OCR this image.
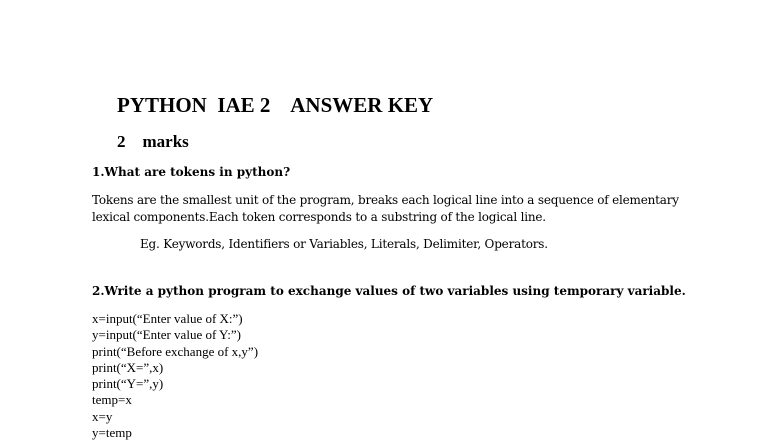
PYTHON  IAE 2    ANSWER KEY
2    marks
1.What are tokens in python?
Tokens are the smallest unit of the program, breaks each logical line into a sequence of elementary lexical components.Each token corresponds to a substring of the logical line.
Eg. Keywords, Identifiers or Variables, Literals, Delimiter, Operators.
2.Write a python program to exchange values of two variables using temporary variable.
x=input(“Enter value of X:”)
y=input(“Enter value of Y:”)
print(“Before exchange of x,y”)
print(“X=”,x)
print(“Y=”,y)
temp=x
x=y
y=temp
